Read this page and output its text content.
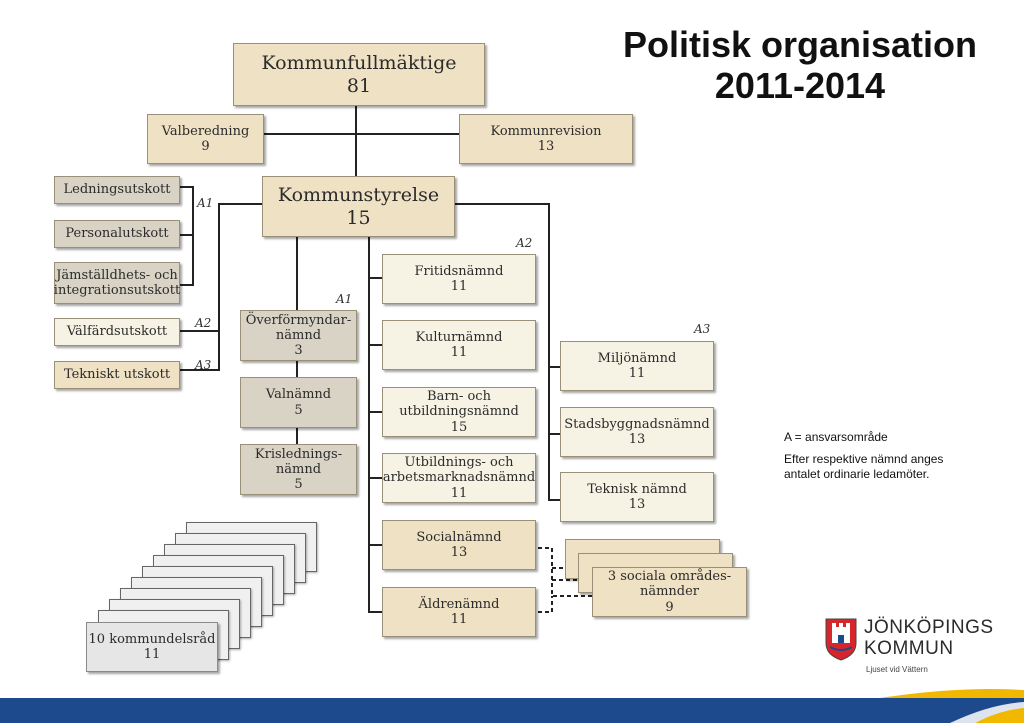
Politisk organisation
2011-2014
Kommunfullmäktige
81
Valberedning
9
Kommunrevision
13
Kommunstyrelse
15
Ledningsutskott
Personalutskott
Jämställdhets- och
integrationsutskott
Välfärdsutskott
Tekniskt utskott
A1
A2
A3
A1
A2
A3
Överförmyndar-
nämnd
3
Valnämnd
5
Krislednings-
nämnd
5
Fritidsnämnd
11
Kulturnämnd
11
Barn- och
utbildningsnämnd
15
Utbildnings- och
arbetsmarknadsnämnd
11
Socialnämnd
13
Äldrenämnd
11
Miljönämnd
11
Stadsbyggnadsnämnd
13
Teknisk nämnd
13
3 sociala områdes-
nämnder
9
10 kommundelsråd
11
A = ansvarsområde
Efter respektive nämnd anges
antalet ordinarie ledamöter.
JÖNKÖPINGS
KOMMUN
Ljuset vid Vättern
